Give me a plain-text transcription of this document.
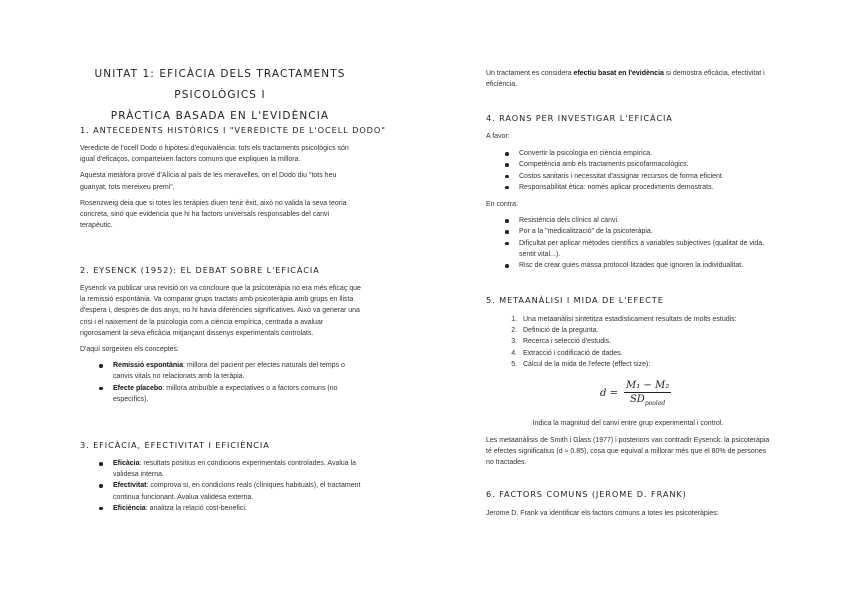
UNITAT 1: EFICÀCIA DELS TRACTAMENTS PSICOLÒGICS I
PRÀCTICA BASADA EN L'EVIDÈNCIA
1. ANTECEDENTS HISTÒRICS I "VEREDICTE DE L'OCELL DODO"

Veredicte de l'ocell Dodo o hipòtesi d'equivalència: tots els tractaments psicològics són igual d'eficaços, comparteixen factors comuns que expliquen la millora.

Aquesta metàfora prové d'Alícia al país de les meravelles, on el Dodo diu "tots heu guanyat, tots mereixeu premi".

Rosenzweig deia que si totes les teràpies diuen tenir èxit, això no valida la seva teoria concreta, sinó que evidencia que hi ha factors universals responsables del canvi terapèutic.

2. EYSENCK (1952): EL DEBAT SOBRE L'EFICÀCIA

Eysenck va publicar una revisió on va concloure que la psicoteràpia no era més eficaç que la remissió espontània. Va comparar grups tractats amb psicoteràpia amb grups en llista d'espera i, després de dos anys, no hi havia diferències significatives. Això va generar una crisi i el naixement de la psicologia com a ciència empírica, centrada a avaluar rigorosament la seva eficàcia mitjançant dissenys experimentals controlats.

D'aquí sorgeixen els conceptes:

Remissió espontània: millora del pacient per efectes naturals del temps o canvis vitals no relacionats amb la teràpia.
Efecte placebo: millora atribuïble a expectatives o a factors comuns (no específics).
3. EFICÀCIA, EFECTIVITAT I EFICIÈNCIA
Eficàcia: resultats positius en condicions experimentals controlades. Avalua la validesa interna.
Efectivitat: comprova si, en condicions reals (clíniques habituals), el tractament continua funcionant. Avalua validesa externa.
Eficiència: analitza la relació cost-benefici.

Un tractament es considera efectiu basat en l'evidència si demostra eficàcia, efectivitat i eficiència.

4. RAONS PER INVESTIGAR L'EFICÀCIA

A favor:

Convertir la psicologia en ciència empírica.
Competència amb els tractaments psicofarmacològics.
Costos sanitaris i necessitat d'assignar recursos de forma eficient.
Responsabilitat ètica: només aplicar procediments demostrats.

En contra:

Resistència dels clínics al canvi.
Por a la "medicalització" de la psicoteràpia.
Dificultat per aplicar mètodes científics a variables subjectives (qualitat de vida, sentit vital...).
Risc de crear guies massa protocol·litzades que ignoren la individualitat.
5. METAANÀLISI I MIDA DE L'EFECTE
1. Una metaanàlisi sintetitza estadísticament resultats de molts estudis:
2. Definició de la pregunta.
3. Recerca i selecció d'estudis.
4. Extracció i codificació de dades.
5. Càlcul de la mida de l'efecte (effect size):
$d = \frac{\text{M₁ − M₂}}{SD_{pooled}}$
Indica la magnitud del canvi entre grup experimental i control.
Les metaanàlisis de Smith i Glass (1977) i posteriors van contradir Eysenck: la psicoteràpia té efectes significatius (d ≈ 0.85), cosa que equival a millorar més que el 80% de persones no tractades.
6. FACTORS COMUNS (JEROME D. FRANK)
Jerome D. Frank va identificar els factors comuns a totes les psicoteràpies:
